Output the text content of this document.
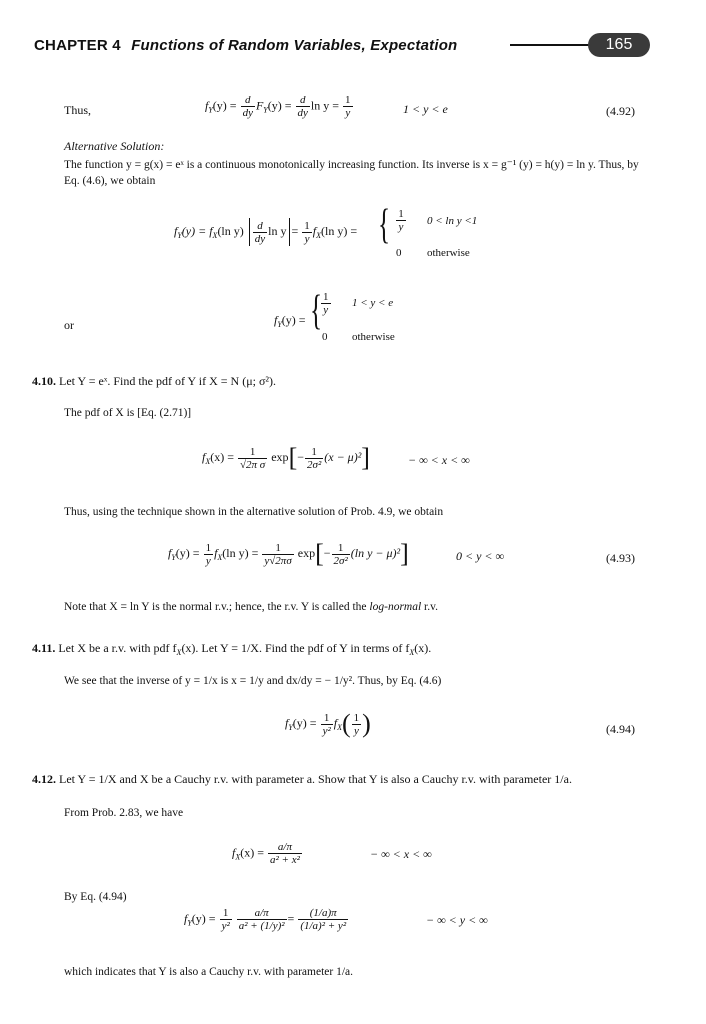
CHAPTER 4 Functions of Random Variables, Expectation	165
Thus,	$f_Y(y) = \frac{d}{dy} F_Y(y) = \frac{d}{dy}$ $\ln y = \frac{1}{y}$	1 < y < e	(4.92)
Alternative Solution:
The function y = g(x) = eˣ is a continuous monotonically increasing function. Its inverse is x = g⁻¹ (y) = h(y) = ln y. Thus, by Eq. (4.6), we obtain
$f_Y(y) = f_X(\ln$ $y) \frac{d}{dy}$ $\ln y = \frac{1}{y} f_X(\ln$ y) = { $\frac{1}{y} 0 < \ln y <1$
0 otherwise
or	$f_Y(y)$ = {
$\frac{1}{y} 1 < y < e$
0 otherwise
4.10. Let Y = eˣ. Find the pdf of Y if X = N (μ; σ²).
The pdf of X is [Eq. (2.71)]
$f_X(x) = \frac{1}{\text{√2π σ}} \exp[- \frac{1}{\text{2σ²}} (x - \mu)^2]$	− ∞ < x < ∞
Thus, using the technique shown in the alternative solution of Prob. 4.9, we obtain
$f_Y(y) = \frac{1}{y} f_X(\ln$ $y) = \frac{1}{y√2\pi\sigma} \exp[- \frac{1}{\text{2σ²}} (\ln$ y − μ)²]	0 < y < ∞	(4.93)
Note that X = ln Y is the normal r.v.; hence, the r.v. Y is called the log-normal r.v.
4.11. Let X be a r.v. with pdf $f_X(x)$. Let Y = 1/X. Find the pdf of Y in terms of $f_X(x)$.
We see that the inverse of y = 1/x is x = 1/y and dx/dy = − 1/y². Thus, by Eq. (4.6)
$f_Y(y) = \frac{1}{\text{y²}} f_X( \frac{1}{y}$ )	(4.94)
4.12. Let Y = 1/X and X be a Cauchy r.v. with parameter a. Show that Y is also a Cauchy r.v. with parameter 1/a.
From Prob. 2.83, we have
$f_X(x) = \frac{a/\pi}{\text{a² + x²}}$	− ∞ < x < ∞
By Eq. (4.94)
$f_Y(y) = \frac{1}{\text{y²}}$
$\frac{a/\pi}{\text{a² + (1/y)²}} = \frac{(1/a)\pi}{\text{(1/a)² + y²}}$	− ∞ < y < ∞
which indicates that Y is also a Cauchy r.v. with parameter 1/a.
